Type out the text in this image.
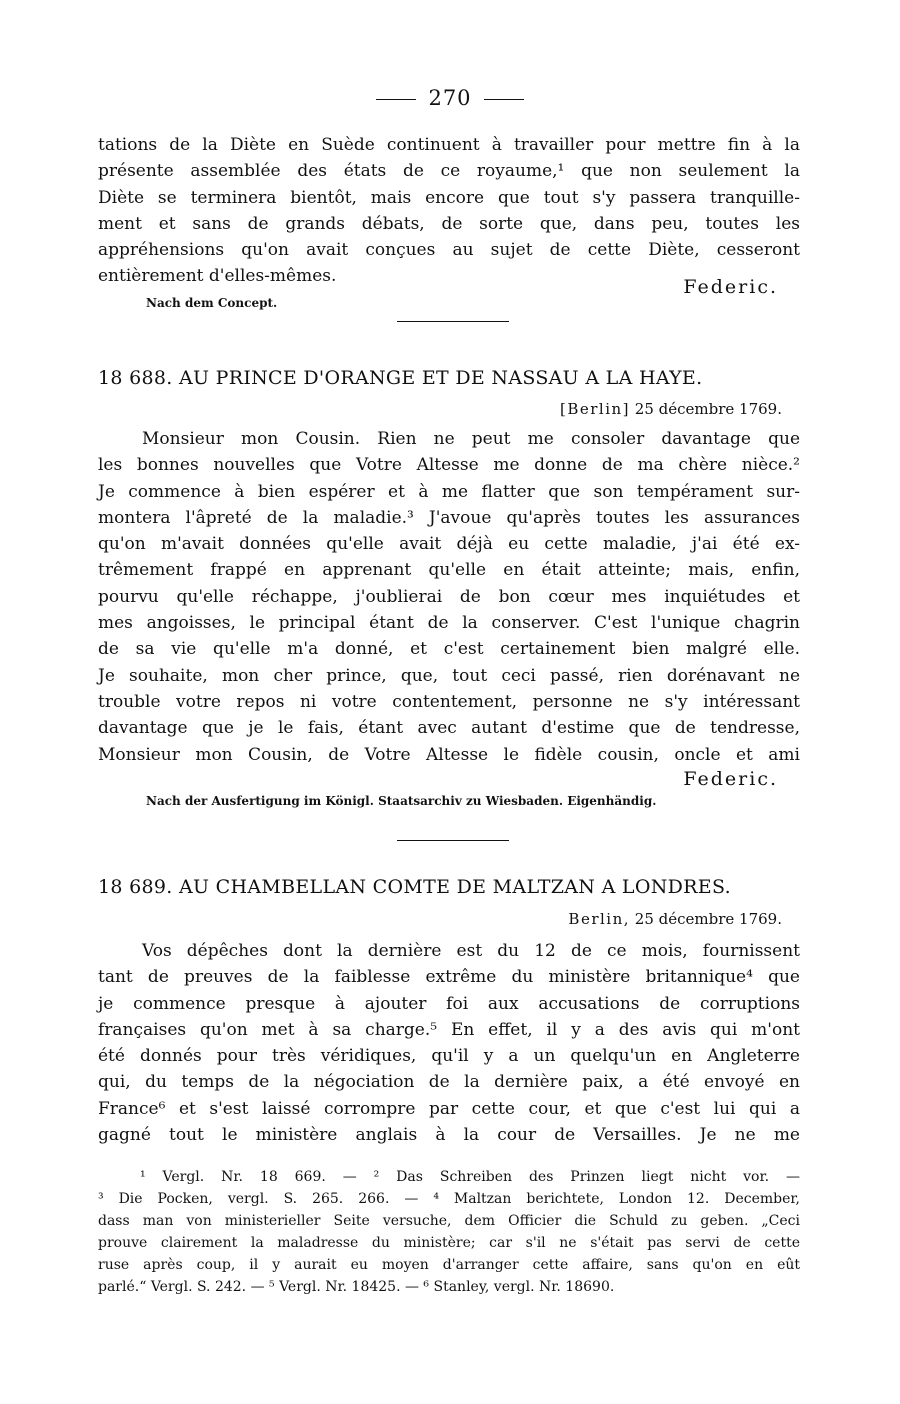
270
tations de la Diète en Suède continuent à travailler pour mettre fin à la
présente assemblée des états de ce royaume,¹ que non seulement la
Diète se terminera bientôt, mais encore que tout s'y passera tranquille-
ment et sans de grands débats, de sorte que, dans peu, toutes les
appréhensions qu'on avait conçues au sujet de cette Diète, cesseront
entièrement d'elles-mêmes.	Federic.
Nach dem Concept.
18 688. AU PRINCE D'ORANGE ET DE NASSAU A LA HAYE.
[Berlin] 25 décembre 1769.
Monsieur mon Cousin. Rien ne peut me consoler davantage que
les bonnes nouvelles que Votre Altesse me donne de ma chère nièce.²
Je commence à bien espérer et à me flatter que son tempérament sur-
montera l'âpreté de la maladie.³ J'avoue qu'après toutes les assurances
qu'on m'avait données qu'elle avait déjà eu cette maladie, j'ai été ex-
trêmement frappé en apprenant qu'elle en était atteinte; mais, enfin,
pourvu qu'elle réchappe, j'oublierai de bon cœur mes inquiétudes et
mes angoisses, le principal étant de la conserver. C'est l'unique chagrin
de sa vie qu'elle m'a donné, et c'est certainement bien malgré elle.
Je souhaite, mon cher prince, que, tout ceci passé, rien dorénavant ne
trouble votre repos ni votre contentement, personne ne s'y intéressant
davantage que je le fais, étant avec autant d'estime que de tendresse,
Monsieur mon Cousin, de Votre Altesse le fidèle cousin, oncle et ami
Federic.
Nach der Ausfertigung im Königl. Staatsarchiv zu Wiesbaden. Eigenhändig.
18 689. AU CHAMBELLAN COMTE DE MALTZAN A LONDRES.
Berlin, 25 décembre 1769.
Vos dépêches dont la dernière est du 12 de ce mois, fournissent
tant de preuves de la faiblesse extrême du ministère britannique⁴ que
je commence presque à ajouter foi aux accusations de corruptions
françaises qu'on met à sa charge.⁵ En effet, il y a des avis qui m'ont
été donnés pour très véridiques, qu'il y a un quelqu'un en Angleterre
qui, du temps de la négociation de la dernière paix, a été envoyé en
France⁶ et s'est laissé corrompre par cette cour, et que c'est lui qui a
gagné tout le ministère anglais à la cour de Versailles. Je ne me
¹ Vergl. Nr. 18 669. — ² Das Schreiben des Prinzen liegt nicht vor. —
³ Die Pocken, vergl. S. 265. 266. — ⁴ Maltzan berichtete, London 12. December,
dass man von ministerieller Seite versuche, dem Officier die Schuld zu geben. „Ceci
prouve clairement la maladresse du ministère; car s'il ne s'était pas servi de cette
ruse après coup, il y aurait eu moyen d'arranger cette affaire, sans qu'on en eût
parlé.“ Vergl. S. 242. — ⁵ Vergl. Nr. 18425. — ⁶ Stanley, vergl. Nr. 18690.
